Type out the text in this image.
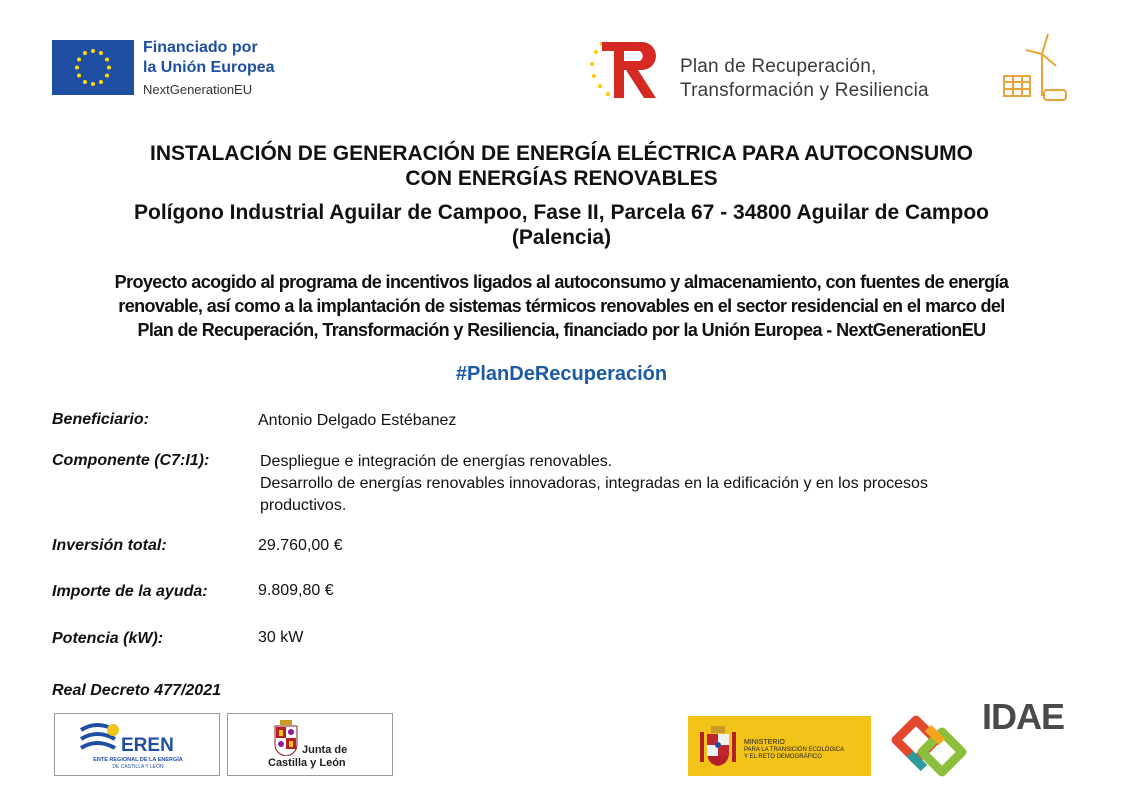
Financiado por
la Unión Europea
NextGenerationEU
Plan de Recuperación,
Transformación y Resiliencia
INSTALACIÓN DE GENERACIÓN DE ENERGÍA ELÉCTRICA PARA AUTOCONSUMO
CON ENERGÍAS RENOVABLES
Polígono Industrial Aguilar de Campoo, Fase II, Parcela 67 - 34800 Aguilar de Campoo
(Palencia)
Proyecto acogido al programa de incentivos ligados al autoconsumo y almacenamiento, con fuentes de energía
renovable, así como a la implantación de sistemas térmicos renovables en el sector residencial en el marco del
Plan de Recuperación, Transformación y Resiliencia, financiado por la Unión Europea - NextGenerationEU
#PlanDeRecuperación
Beneficiario:	Antonio Delgado Estébanez
Componente (C7:I1):	Despliegue e integración de energías renovables.
Desarrollo de energías renovables innovadoras, integradas en la edificación y en los procesos
productivos.
Inversión total:	29.760,00 €
Importe de la ayuda:	9.809,80 €
Potencia (kW):	30 kW
Real Decreto 477/2021
EREN
ENTE REGIONAL DE LA ENERGÍA
DE CASTILLA Y LEÓN
Junta de
Castilla y León
MINISTERIO
PARA LA TRANSICIÓN ECOLÓGICA
Y EL RETO DEMOGRÁFICO
IDAE
